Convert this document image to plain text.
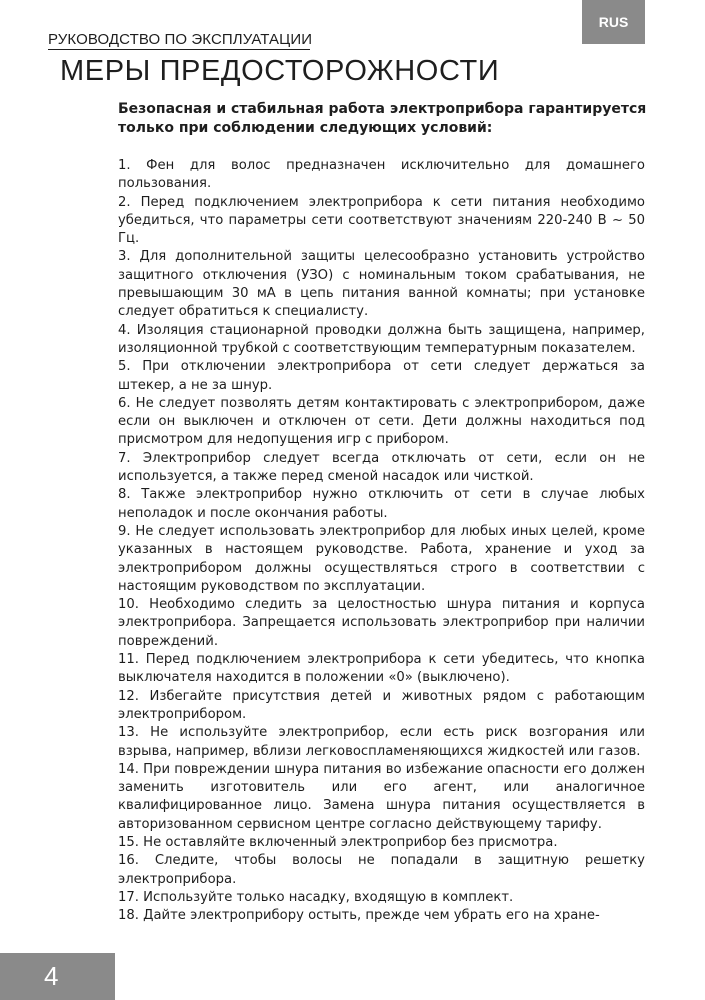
RUS
РУКОВОДСТВО ПО ЭКСПЛУАТАЦИИ
МЕРЫ ПРЕДОСТОРОЖНОСТИ

Безопасная и стабильная работа электроприбора гарантируется только при соблюдении следующих условий:

1. Фен для волос предназначен исключительно для домашнего пользования.
2. Перед подключением электроприбора к сети питания необходимо убедиться, что параметры сети соответствуют значениям 220-240 В ~ 50 Гц.
3. Для дополнительной защиты целесообразно установить устройство защитного отключения (УЗО) с номинальным током срабатывания, не превышающим 30 мА в цепь питания ванной комнаты; при установке следует обратиться к специалисту.
4. Изоляция стационарной проводки должна быть защищена, например, изоляционной трубкой с соответствующим температурным показателем.
5. При отключении электроприбора от сети следует держаться за штекер, а не за шнур.
6. Не следует позволять детям контактировать с электроприбором, даже если он выключен и отключен от сети. Дети должны находиться под присмотром для недопущения игр с прибором.
7. Электроприбор следует всегда отключать от сети, если он не используется, а также перед сменой насадок или чисткой.
8. Также электроприбор нужно отключить от сети в случае любых неполадок и после окончания работы.
9. Не следует использовать электроприбор для любых иных целей, кроме указанных в настоящем руководстве. Работа, хранение и уход за электроприбором должны осуществляться строго в соответствии с настоящим руководством по эксплуатации.
10. Необходимо следить за целостностью шнура питания и корпуса электроприбора. Запрещается использовать электроприбор при наличии повреждений.
11. Перед подключением электроприбора к сети убедитесь, что кнопка выключателя находится в положении «0» (выключено).
12. Избегайте присутствия детей и животных рядом с работающим электроприбором.
13. Не используйте электроприбор, если есть риск возгорания или взрыва, например, вблизи легковоспламеняющихся жидкостей или газов.
14. При повреждении шнура питания во избежание опасности его должен заменить изготовитель или его агент, или аналогичное квалифицированное лицо. Замена шнура питания осуществляется в авторизованном сервисном центре согласно действующему тарифу.
15. Не оставляйте включенный электроприбор без присмотра.
16. Следите, чтобы волосы не попадали в защитную решетку электроприбора.
17. Используйте только насадку, входящую в комплект.
18. Дайте электроприбору остыть, прежде чем убрать его на хране-
4
